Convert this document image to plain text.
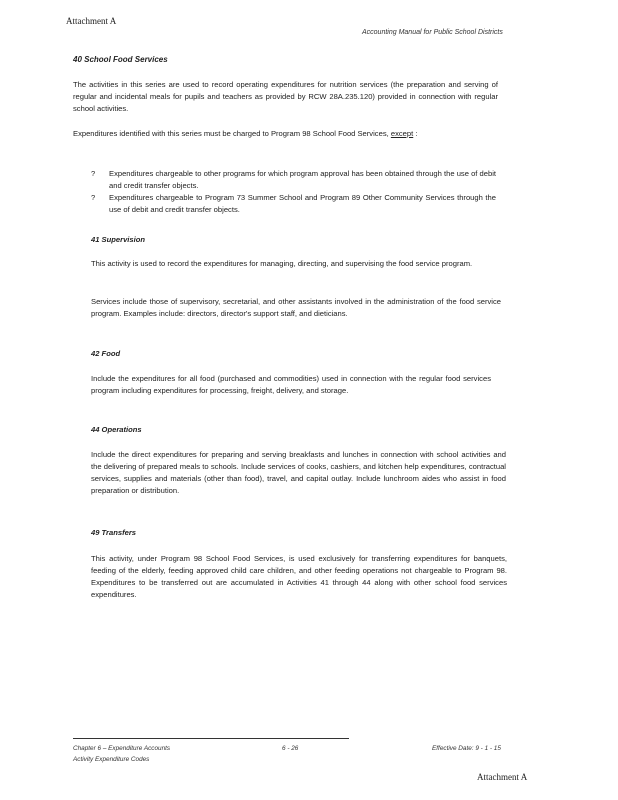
Attachment A
Accounting Manual for Public School Districts
40 School Food Services
The activities in this series are used to record operating expenditures for nutrition services (the preparation and serving of regular and incidental meals for pupils and teachers as provided by RCW 28A.235.120) provided in connection with regular school activities.
Expenditures identified with this series must be charged to Program 98 School Food Services, except :
?	Expenditures chargeable to other programs for which program approval has been obtained through the use of debit and credit transfer objects.
?	Expenditures chargeable to Program 73 Summer School and Program 89 Other Community Services through the use of debit and credit transfer objects.
41 Supervision
This activity is used to record the expenditures for managing, directing, and supervising the food service program.
Services include those of supervisory, secretarial, and other assistants involved in the administration of the food service program. Examples include: directors, director's support staff, and dieticians.
42 Food
Include the expenditures for all food (purchased and commodities) used in connection with the regular food services program including expenditures for processing, freight, delivery, and storage.
44 Operations
Include the direct expenditures for preparing and serving breakfasts and lunches in connection with school activities and the delivering of prepared meals to schools. Include services of cooks, cashiers, and kitchen help expenditures, contractual services, supplies and materials (other than food), travel, and capital outlay. Include lunchroom aides who assist in food preparation or distribution.
49 Transfers
This activity, under Program 98 School Food Services, is used exclusively for transferring expenditures for banquets, feeding of the elderly, feeding approved child care children, and other feeding operations not chargeable to Program 98. Expenditures to be transferred out are accumulated in Activities 41 through 44 along with other school food services expenditures.
Chapter 6 – Expenditure Accounts
Activity Expenditure Codes
6 - 26	Effective Date: 9 - 1 - 15
Attachment A
